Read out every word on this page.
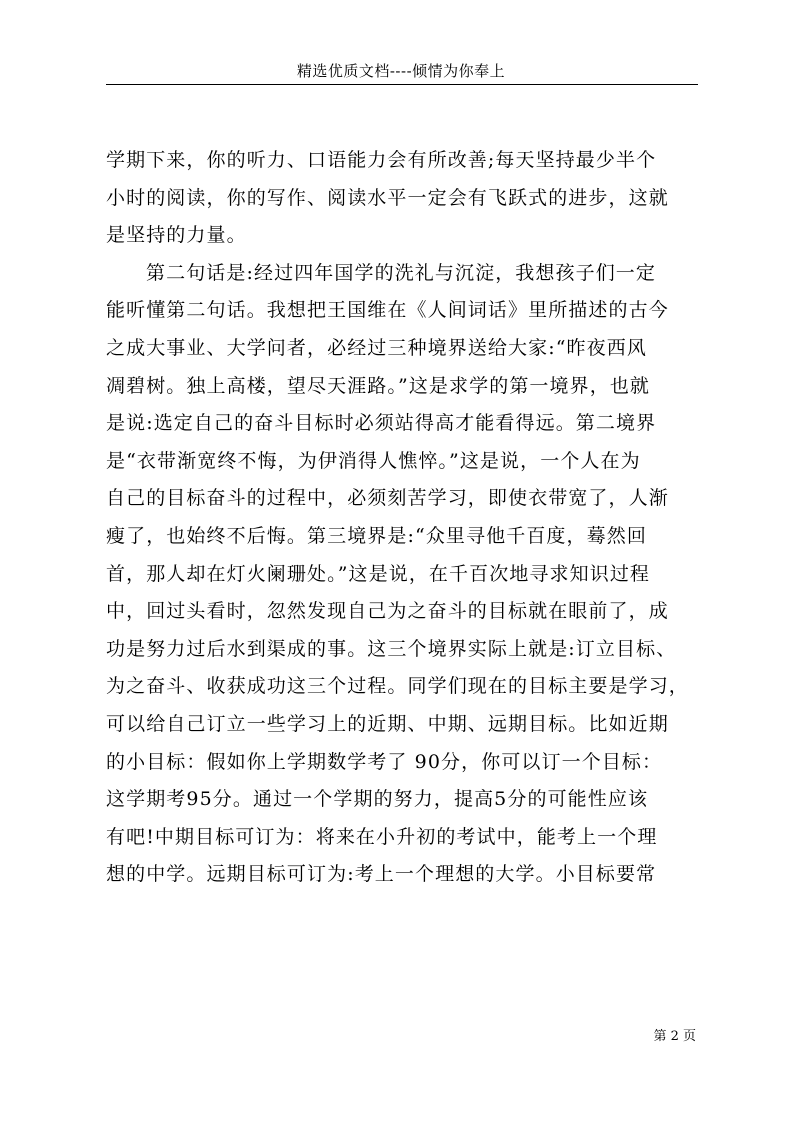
精选优质文档----倾情为你奉上
学期下来，你的听力、口语能力会有所改善;每天坚持最少半个
小时的阅读，你的写作、阅读水平一定会有飞跃式的进步，这就
是坚持的力量。
第二句话是:经过四年国学的洗礼与沉淀，我想孩子们一定
能听懂第二句话。我想把王国维在《人间词话》里所描述的古今
之成大事业、大学问者，必经过三种境界送给大家:“昨夜西风
凋碧树。独上高楼，望尽天涯路。”这是求学的第一境界，也就
是说:选定自己的奋斗目标时必须站得高才能看得远。第二境界
是“衣带渐宽终不悔，为伊消得人憔悴。”这是说，一个人在为
自己的目标奋斗的过程中，必须刻苦学习，即使衣带宽了，人渐
瘦了，也始终不后悔。第三境界是:“众里寻他千百度，蓦然回
首，那人却在灯火阑珊处。”这是说，在千百次地寻求知识过程
中，回过头看时，忽然发现自己为之奋斗的目标就在眼前了，成
功是努力过后水到渠成的事。这三个境界实际上就是:订立目标、
为之奋斗、收获成功这三个过程。同学们现在的目标主要是学习，
可以给自己订立一些学习上的近期、中期、远期目标。比如近期
的小目标：假如你上学期数学考了 90分，你可以订一个目标：
这学期考95分。通过一个学期的努力，提高5分的可能性应该
有吧!中期目标可订为：将来在小升初的考试中，能考上一个理
想的中学。远期目标可订为:考上一个理想的大学。小目标要常
第 2 页
